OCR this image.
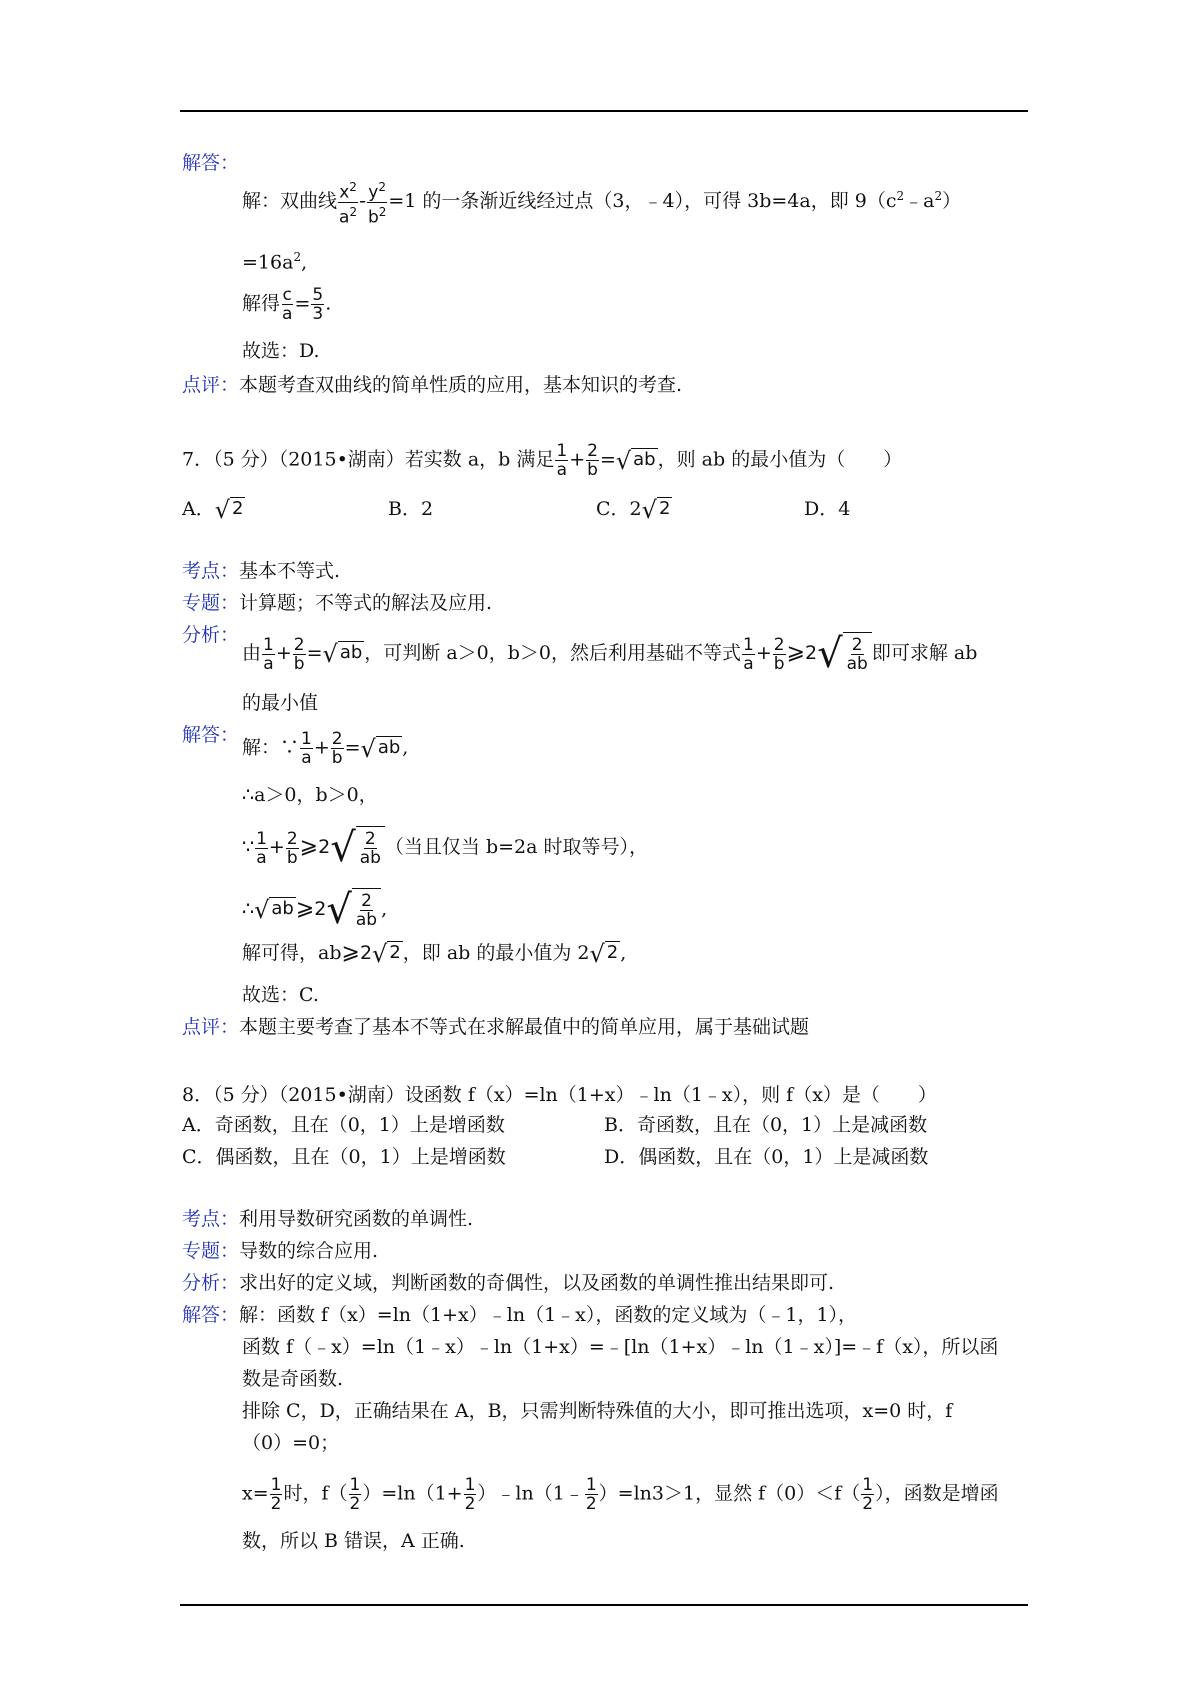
解答：
解：双曲线 $\frac{x^2}{a^2} - \frac{y^2}{b^2} =1$ 的一条渐近线经过点（3，﹣4），可得 3b=4a，即 $9(c^2﹣a^2)$
$=16a^2$,
解得 $\frac{c}{a} = \frac{5}{3}$ .
故选：D.
点评：本题考查双曲线的简单性质的应用，基本知识的考查.
7．（5 分）（2015•湖南）若实数 a，b 满足 $\frac{1}{a} + \frac{2}{b}$ = √ ab ，则 ab 的最小值为（　　）
A． √ 2	B．2	C．2 √ 2	D．4
考点：基本不等式.
专题：计算题；不等式的解法及应用.
分析：
由 $\frac{1}{a} + \frac{2}{b}$ = √ ab ，可判断 a＞0，b＞0，然后利用基础不等式 $\frac{1}{a} + \frac{2}{b}$ ⩾2 √ $\frac{2}{ab}$ 即可求解 ab
的最小值
解答：
解：∵ $\frac{1}{a} + \frac{2}{b}$ = √ ab ,
∴a＞0，b＞0，
∵ $\frac{1}{a} + \frac{2}{b}$ ⩾2 √ $\frac{2}{ab}$ （当且仅当 b=2a 时取等号），
∴ √ ab ⩾2 √ $\frac{2}{ab}$ ,
解可得，ab⩾2 √ 2 ，即 ab 的最小值为 2 √ 2 ,
故选：C.
点评：本题主要考查了基本不等式在求解最值中的简单应用，属于基础试题
8．（5 分）（2015•湖南）设函数 f（x）=ln（1+x）﹣ln（1﹣x），则 f（x）是（　　）
A．奇函数，且在（0，1）上是增函数	B．奇函数，且在（0，1）上是减函数
C．偶函数，且在（0，1）上是增函数	D．偶函数，且在（0，1）上是减函数
考点：利用导数研究函数的单调性.
专题：导数的综合应用.
分析：求出好的定义域，判断函数的奇偶性，以及函数的单调性推出结果即可.
解答：解：函数 f（x）=ln（1+x）﹣ln（1﹣x），函数的定义域为（﹣1，1），
函数 f（﹣x）=ln（1﹣x）﹣ln（1+x）=﹣[ln（1+x）﹣ln（1﹣x）]=﹣f（x），所以函
数是奇函数.
排除 C，D，正确结果在 A，B，只需判断特殊值的大小，即可推出选项，x=0 时，f
（0）=0；
$x= \frac{1}{2}$ 时，$f( \frac{1}{2} )=\ln(1+ \frac{1}{2}$ ）﹣ln（1﹣ $\frac{1}{2} )=\ln 3>1$，显然 $f(0)<f( \frac{1}{2}$ ），函数是增函
数，所以 B 错误，A 正确.
